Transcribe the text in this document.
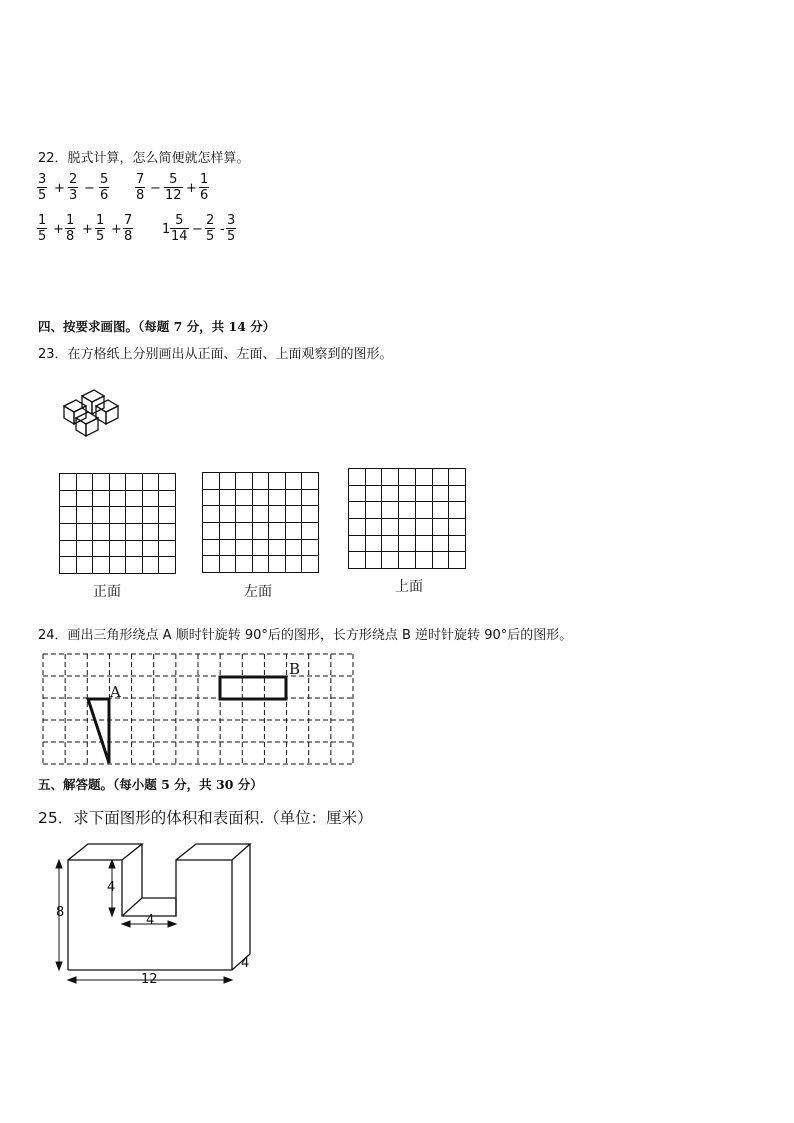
22．脱式计算，怎么简便就怎样算。
$\frac{3}{5} + \frac{2}{3} - \frac{5}{6} \frac{7}{8} - \frac{5}{12} + \frac{1}{6}$
$\frac{1}{5} + \frac{1}{8} + \frac{1}{5} + \frac{7}{8} 1 \frac{5}{14} - \frac{2}{5} - \frac{3}{5}$
四、按要求画图。（每题 7 分，共 14 分）
23．在方格纸上分别画出从正面、左面、上面观察到的图形。

正面	左面	上面
24．画出三角形绕点 A 顺时针旋转 90°后的图形，长方形绕点 B 逆时针旋转 90°后的图形。
A
B
五、解答题。（每小题 5 分，共 30 分）
25．求下面图形的体积和表面积.（单位：厘米）
8
4
4
12
4
